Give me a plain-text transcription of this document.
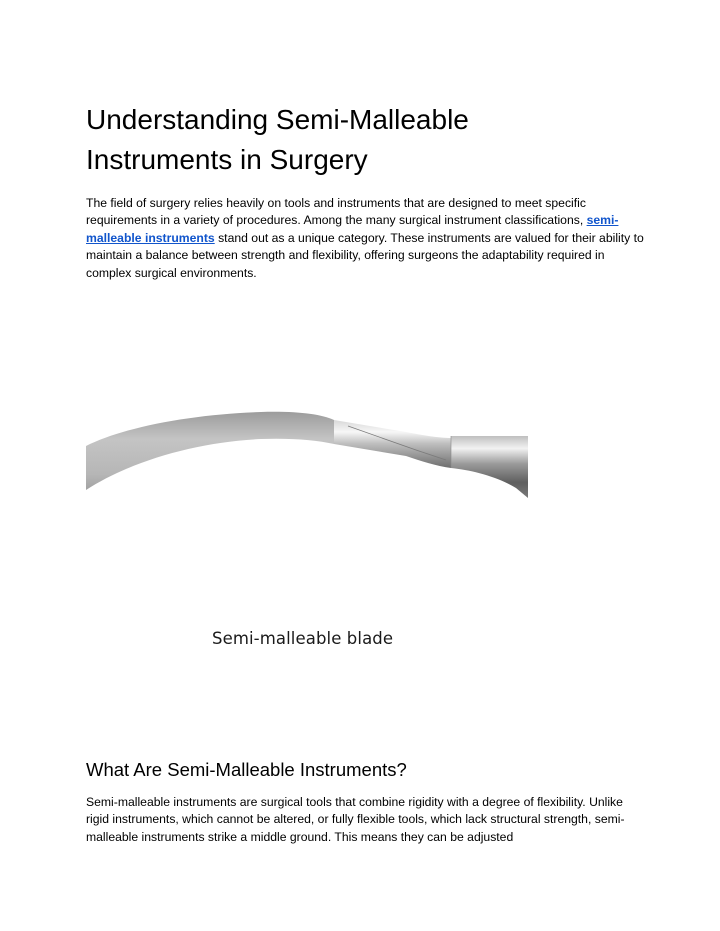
Understanding Semi-Malleable Instruments in Surgery

The field of surgery relies heavily on tools and instruments that are designed to meet specific requirements in a variety of procedures. Among the many surgical instrument classifications, semi-malleable instruments stand out as a unique category. These instruments are valued for their ability to maintain a balance between strength and flexibility, offering surgeons the adaptability required in complex surgical environments.

Semi-malleable blade
What Are Semi-Malleable Instruments?

Semi-malleable instruments are surgical tools that combine rigidity with a degree of flexibility. Unlike rigid instruments, which cannot be altered, or fully flexible tools, which lack structural strength, semi-malleable instruments strike a middle ground. This means they can be adjusted
